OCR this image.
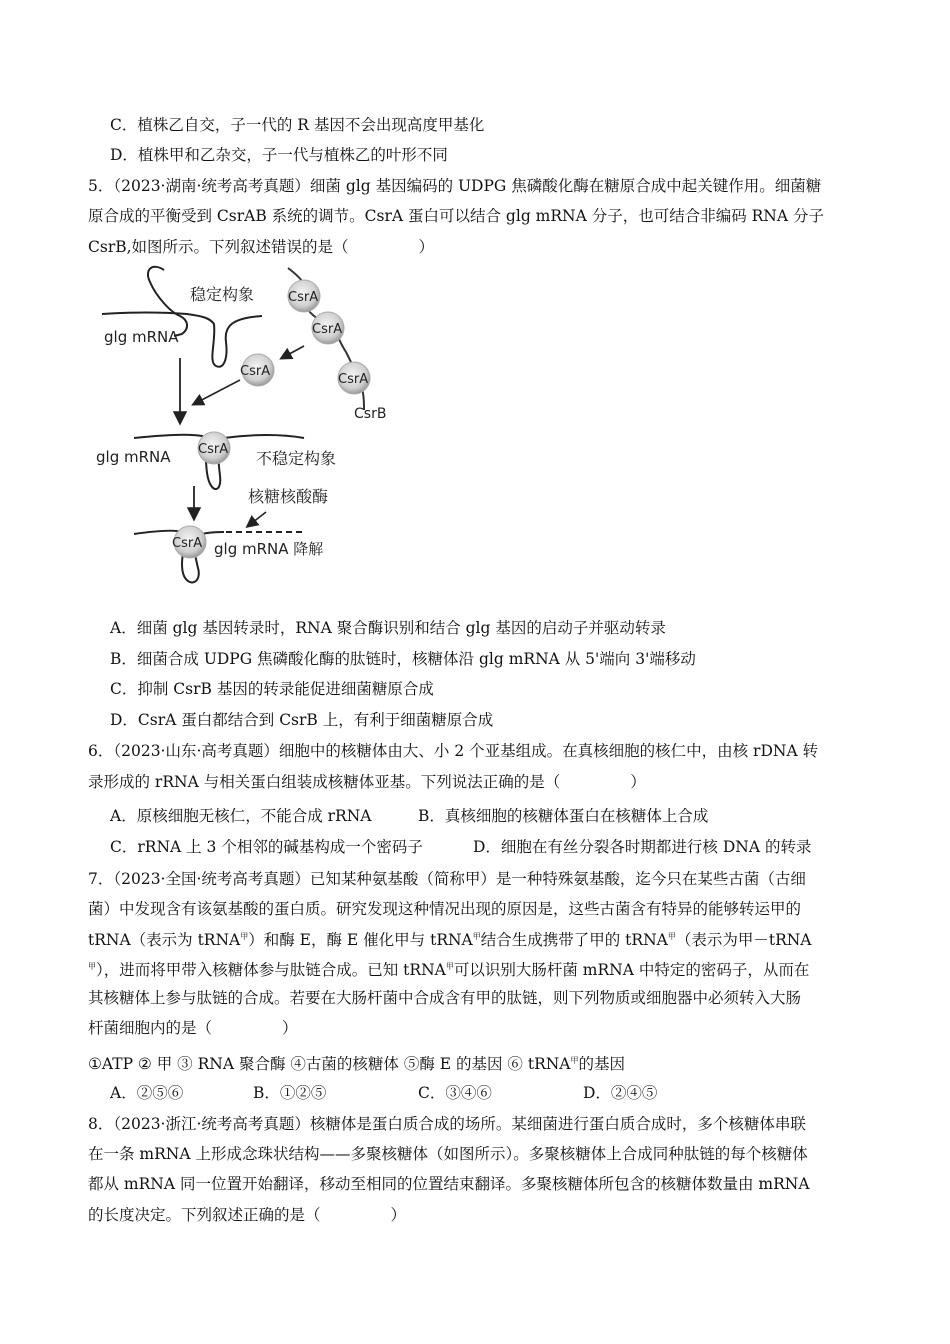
C．植株乙自交，子一代的 R 基因不会出现高度甲基化
D．植株甲和乙杂交，子一代与植株乙的叶形不同
5．（2023·湖南·统考高考真题）细菌 glg 基因编码的 UDPG 焦磷酸化酶在糖原合成中起关键作用。细菌糖
原合成的平衡受到 CsrAB 系统的调节。CsrA 蛋白可以结合 glg mRNA 分子，也可结合非编码 RNA 分子
CsrB,如图所示。下列叙述错误的是（	）
稳定构象
glg mRNA
CsrA
CsrA
CsrA
CsrB
CsrA
CsrA
glg mRNA	不稳定构象
核糖核酸酶
CsrA glg mRNA 降解
A．细菌 glg 基因转录时，RNA 聚合酶识别和结合 glg 基因的启动子并驱动转录
B．细菌合成 UDPG 焦磷酸化酶的肽链时，核糖体沿 glg mRNA 从 5'端向 3'端移动
C．抑制 CsrB 基因的转录能促进细菌糖原合成
D．CsrA 蛋白都结合到 CsrB 上，有利于细菌糖原合成
6．（2023·山东·高考真题）细胞中的核糖体由大、小 2 个亚基组成。在真核细胞的核仁中，由核 rDNA 转
录形成的 rRNA 与相关蛋白组装成核糖体亚基。下列说法正确的是（	）
A．原核细胞无核仁，不能合成 rRNA	B．真核细胞的核糖体蛋白在核糖体上合成
C．rRNA 上 3 个相邻的碱基构成一个密码子	D．细胞在有丝分裂各时期都进行核 DNA 的转录
7．（2023·全国·统考高考真题）已知某种氨基酸（简称甲）是一种特殊氨基酸，迄今只在某些古菌（古细
菌）中发现含有该氨基酸的蛋白质。研究发现这种情况出现的原因是，这些古菌含有特异的能够转运甲的
tRNA（表示为 tRNA$^甲$）和酶 E，酶 E 催化甲与 tRNA$^甲$结合生成携带了甲的 tRNA$^甲$（表示为甲－tRNA
$^甲$），进而将甲带入核糖体参与肽链合成。已知 tRNA$^甲$可以识别大肠杆菌 mRNA 中特定的密码子，从而在
其核糖体上参与肽链的合成。若要在大肠杆菌中合成含有甲的肽链，则下列物质或细胞器中必须转入大肠
杆菌细胞内的是（	）
①ATP ② 甲 ③ RNA 聚合酶 ④古菌的核糖体 ⑤酶 E 的基因 ⑥ tRNA$^甲$的基因
A．②⑤⑥	B．①②⑤	C．③④⑥	D．②④⑤
8．（2023·浙江·统考高考真题）核糖体是蛋白质合成的场所。某细菌进行蛋白质合成时，多个核糖体串联
在一条 mRNA 上形成念珠状结构——多聚核糖体（如图所示）。多聚核糖体上合成同种肽链的每个核糖体
都从 mRNA 同一位置开始翻译，移动至相同的位置结束翻译。多聚核糖体所包含的核糖体数量由 mRNA
的长度决定。下列叙述正确的是（	）
